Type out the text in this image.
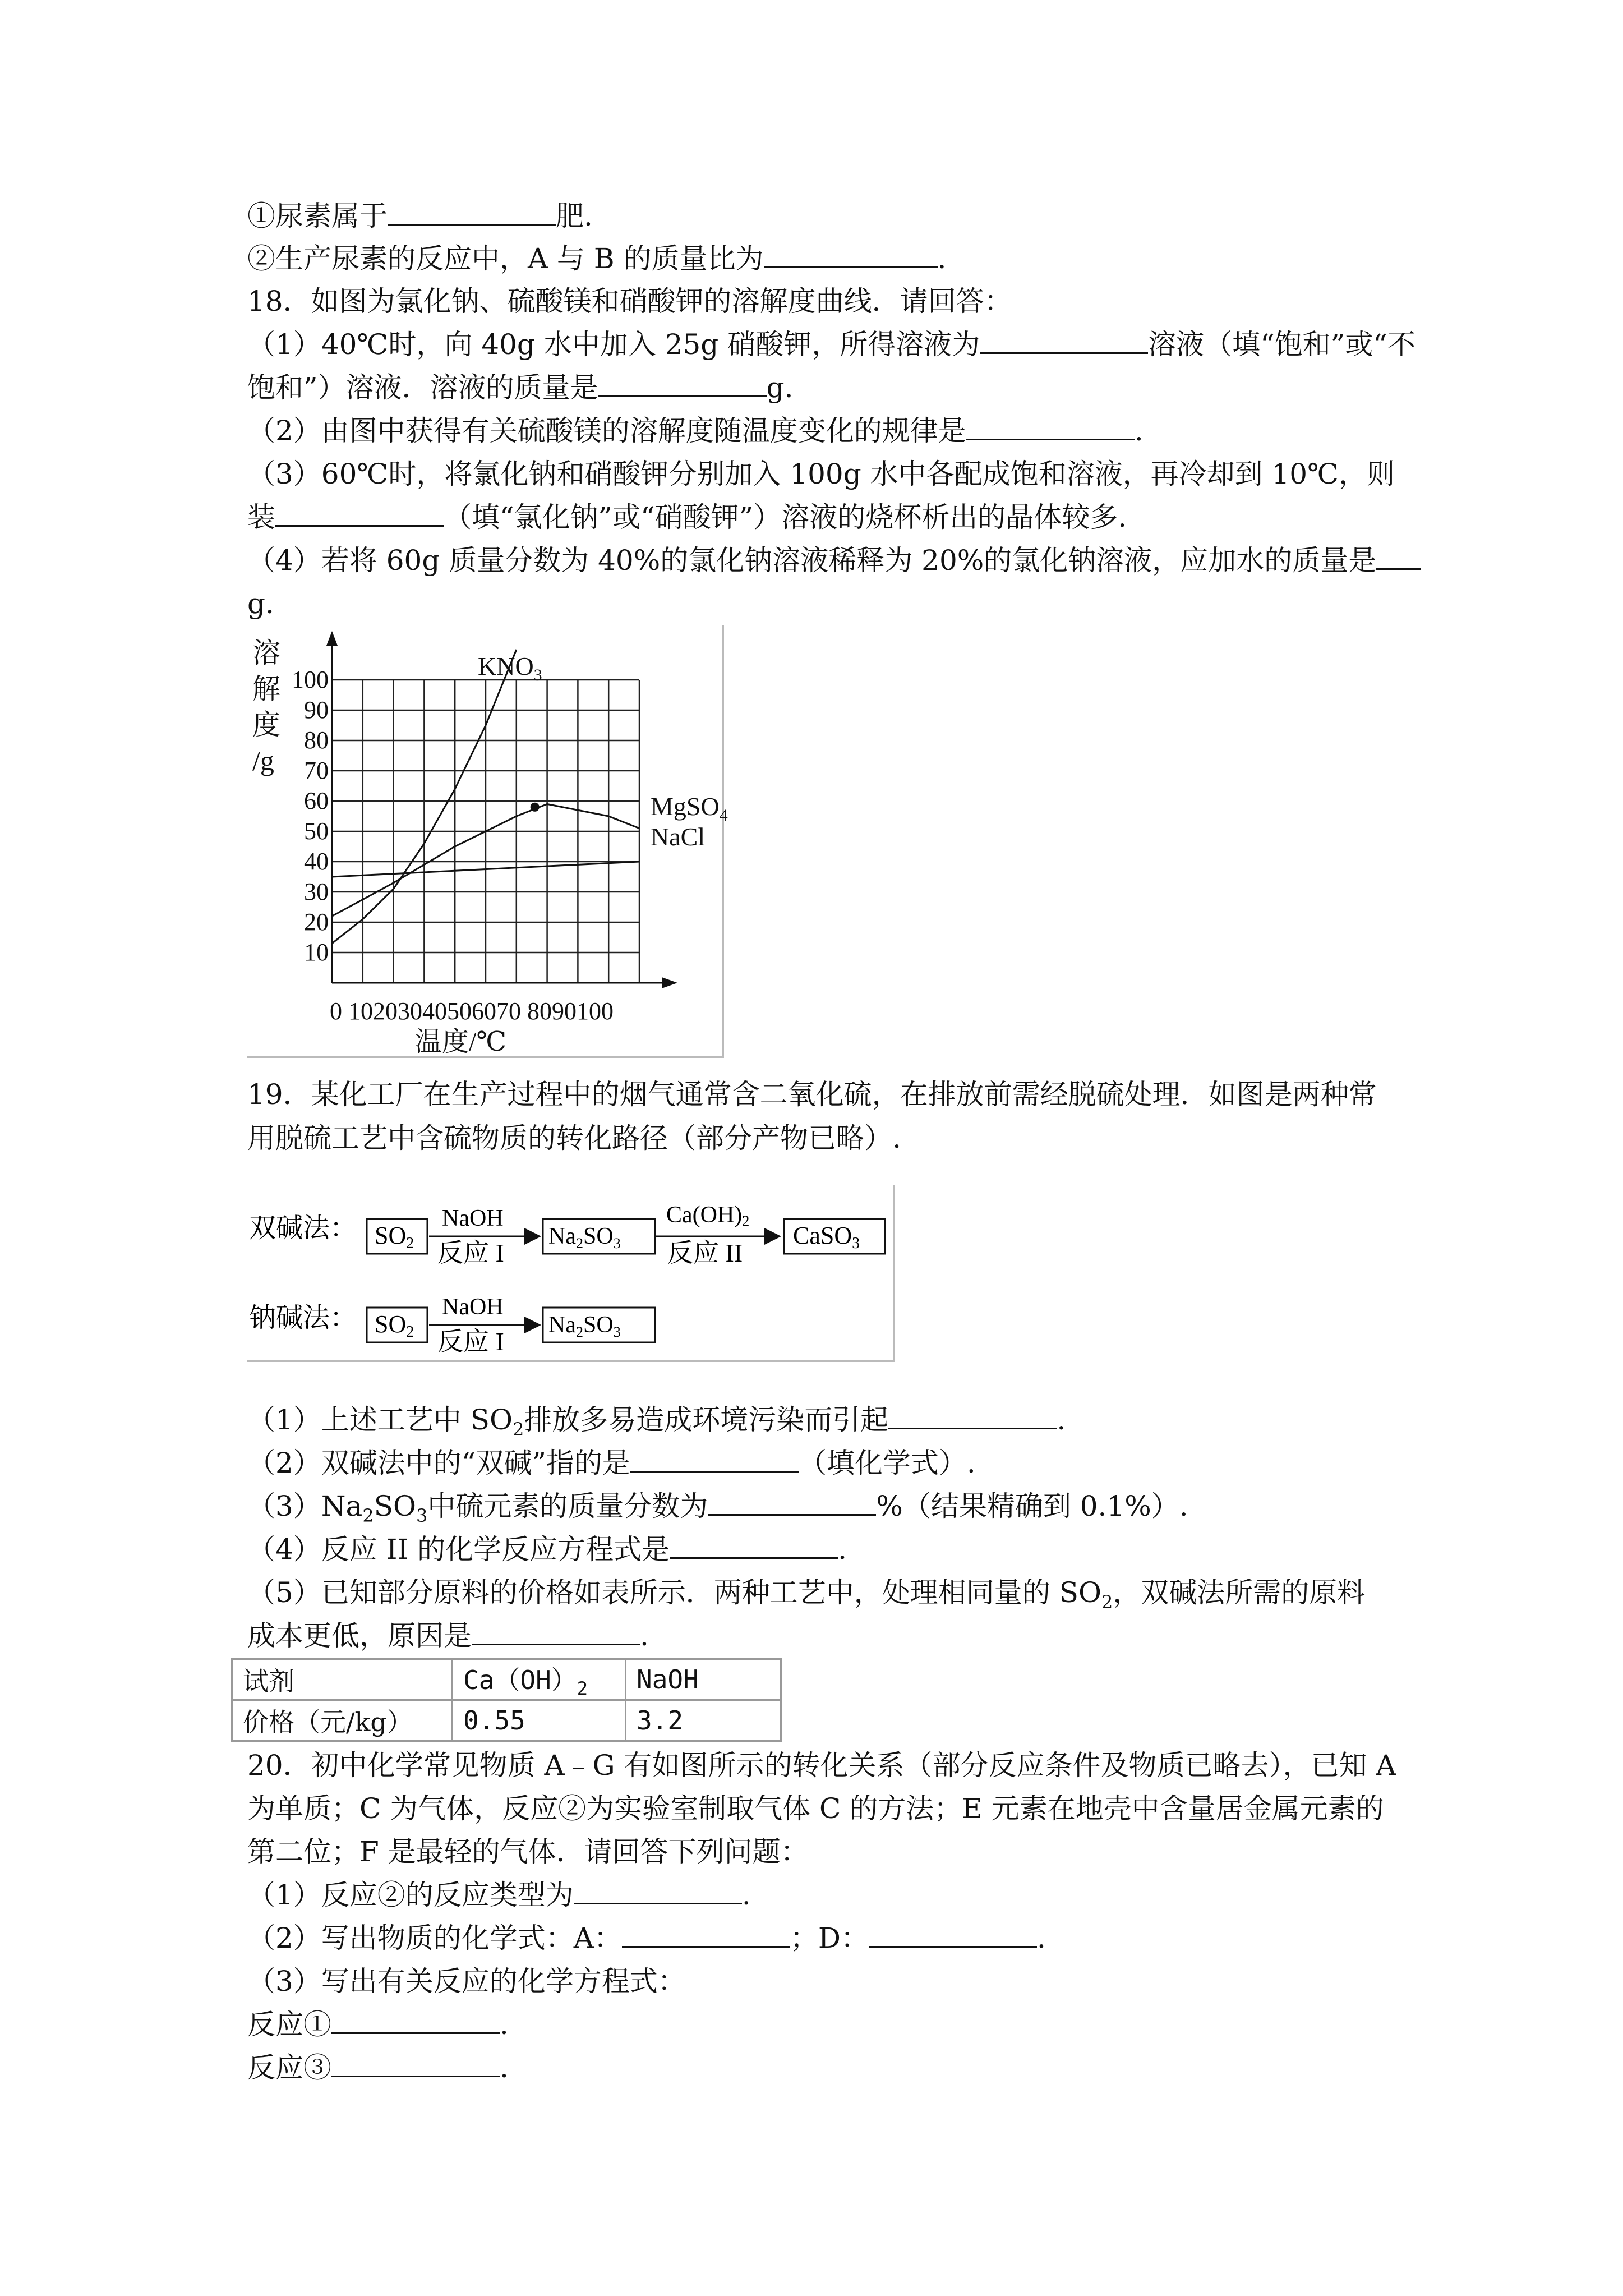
①尿素属于	肥.
②生产尿素的反应中，A 与 B 的质量比为	.
18．如图为氯化钠、硫酸镁和硝酸钾的溶解度曲线．请回答：
（1）40℃时，向 40g 水中加入 25g 硝酸钾，所得溶液为	溶液（填“饱和”或“不
饱和”）溶液．溶液的质量是	g.
（2）由图中获得有关硫酸镁的溶解度随温度变化的规律是	.
（3）60℃时，将氯化钠和硝酸钾分别加入 100g 水中各配成饱和溶液，再冷却到 10℃，则
装	（填“氯化钠”或“硝酸钾”）溶液的烧杯析出的晶体较多.
（4）若将 60g 质量分数为 40%的氯化钠溶液稀释为 20%的氯化钠溶液，应加水的质量是
g.
10
20
30
40
50
60
70
80
90
100
0 10203040506070 8090100
温度/℃
溶
解
度
/g
$KNO_3$
MgSO$_4$
NaCl
19．某化工厂在生产过程中的烟气通常含二氧化硫，在排放前需经脱硫处理．如图是两种常
用脱硫工艺中含硫物质的转化路径（部分产物已略）.
双碱法： SO2
NaOH
反应 I
Na2SO3
Ca(OH)2
反应 II
CaSO3
钠碱法： SO2
NaOH
反应 I
Na2SO3
（1）上述工艺中 $SO_2$排放多易造成环境污染而引起	.
（2）双碱法中的“双碱”指的是	（填化学式）.
$(3)Na_2SO_3$中硫元素的质量分数为	%（结果精确到 0.1%）.
（4）反应 II 的化学反应方程式是	.
（5）已知部分原料的价格如表所示．两种工艺中，处理相同量的 $SO_2$，双碱法所需的原料
成本更低，原因是	.
试剂	$Ca(OH)_2$	NaOH
价格（元/kg）	0.55	3.2
20．初中化学常见物质 A﹣G 有如图所示的转化关系（部分反应条件及物质已略去），已知 A
为单质；C 为气体，反应②为实验室制取气体 C 的方法；E 元素在地壳中含量居金属元素的
第二位；F 是最轻的气体．请回答下列问题：
（1）反应②的反应类型为	.
（2）写出物质的化学式：A：	；D：	.
（3）写出有关反应的化学方程式：
反应①	.
反应③	.
